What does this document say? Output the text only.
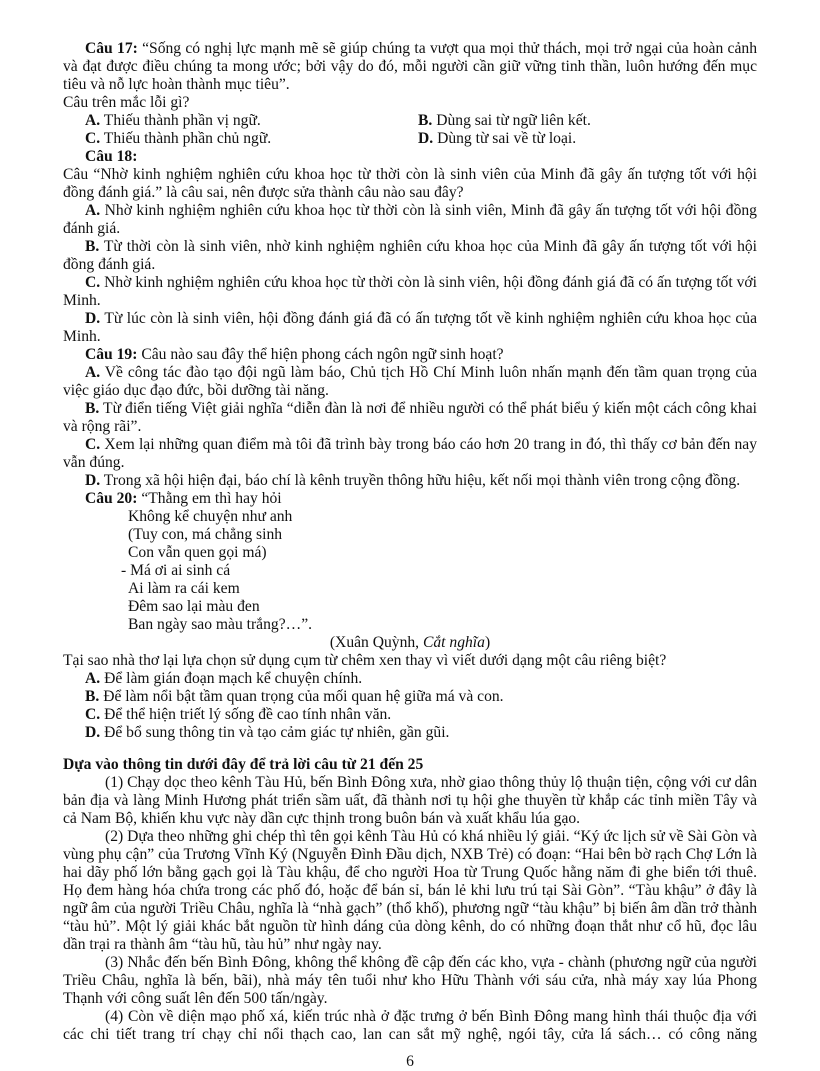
Câu 17: “Sống có nghị lực mạnh mẽ sẽ giúp chúng ta vượt qua mọi thử thách, mọi trở ngại của hoàn cảnh và đạt được điều chúng ta mong ước; bởi vậy do đó, mỗi người cần giữ vững tinh thần, luôn hướng đến mục tiêu và nỗ lực hoàn thành mục tiêu”.

Câu trên mắc lỗi gì?

A. Thiếu thành phần vị ngữ.	B. Dùng sai từ ngữ liên kết.

C. Thiếu thành phần chủ ngữ.	D. Dùng từ sai về từ loại.

Câu 18:

Câu “Nhờ kinh nghiệm nghiên cứu khoa học từ thời còn là sinh viên của Minh đã gây ấn tượng tốt với hội đồng đánh giá.” là câu sai, nên được sửa thành câu nào sau đây?

A. Nhờ kinh nghiệm nghiên cứu khoa học từ thời còn là sinh viên, Minh đã gây ấn tượng tốt với hội đồng đánh giá.

B. Từ thời còn là sinh viên, nhờ kinh nghiệm nghiên cứu khoa học của Minh đã gây ấn tượng tốt với hội đồng đánh giá.

C. Nhờ kinh nghiệm nghiên cứu khoa học từ thời còn là sinh viên, hội đồng đánh giá đã có ấn tượng tốt với Minh.

D. Từ lúc còn là sinh viên, hội đồng đánh giá đã có ấn tượng tốt về kinh nghiệm nghiên cứu khoa học của Minh.

Câu 19: Câu nào sau đây thể hiện phong cách ngôn ngữ sinh hoạt?

A. Về công tác đào tạo đội ngũ làm báo, Chủ tịch Hồ Chí Minh luôn nhấn mạnh đến tầm quan trọng của việc giáo dục đạo đức, bồi dưỡng tài năng.

B. Từ điển tiếng Việt giải nghĩa “diễn đàn là nơi để nhiều người có thể phát biểu ý kiến một cách công khai và rộng rãi”.

C. Xem lại những quan điểm mà tôi đã trình bày trong báo cáo hơn 20 trang in đó, thì thấy cơ bản đến nay vẫn đúng.

D. Trong xã hội hiện đại, báo chí là kênh truyền thông hữu hiệu, kết nối mọi thành viên trong cộng đồng.

Câu 20: “Thằng em thì hay hỏi

Không kể chuyện như anh
(Tuy con, má chẳng sinh
Con vẫn quen gọi má)
- Má ơi ai sinh cá
Ai làm ra cái kem
Đêm sao lại màu đen
Ban ngày sao màu trắng?…”.

(Xuân Quỳnh, Cắt nghĩa)

Tại sao nhà thơ lại lựa chọn sử dụng cụm từ chêm xen thay vì viết dưới dạng một câu riêng biệt?

A. Để làm gián đoạn mạch kể chuyện chính.

B. Để làm nổi bật tầm quan trọng của mối quan hệ giữa má và con.

C. Để thể hiện triết lý sống đề cao tính nhân văn.

D. Để bổ sung thông tin và tạo cảm giác tự nhiên, gần gũi.

Dựa vào thông tin dưới đây để trả lời câu từ 21 đến 25

(1) Chạy dọc theo kênh Tàu Hủ, bến Bình Đông xưa, nhờ giao thông thủy lộ thuận tiện, cộng với cư dân bản địa và làng Minh Hương phát triển sầm uất, đã thành nơi tụ hội ghe thuyền từ khắp các tỉnh miền Tây và cả Nam Bộ, khiến khu vực này dần cực thịnh trong buôn bán và xuất khẩu lúa gạo.

(2) Dựa theo những ghi chép thì tên gọi kênh Tàu Hủ có khá nhiều lý giải. “Ký ức lịch sử về Sài Gòn và vùng phụ cận” của Trương Vĩnh Ký (Nguyễn Đình Đầu dịch, NXB Trẻ) có đoạn: “Hai bên bờ rạch Chợ Lớn là hai dãy phố lớn bằng gạch gọi là Tàu khậu, để cho người Hoa từ Trung Quốc hằng năm đi ghe biển tới thuê. Họ đem hàng hóa chứa trong các phố đó, hoặc để bán sỉ, bán lẻ khi lưu trú tại Sài Gòn”. “Tàu khậu” ở đây là ngữ âm của người Triều Châu, nghĩa là “nhà gạch” (thổ khố), phương ngữ “tàu khậu” bị biến âm dần trở thành “tàu hủ”. Một lý giải khác bắt nguồn từ hình dáng của dòng kênh, do có những đoạn thắt như cổ hũ, đọc lâu dần trại ra thành âm “tàu hũ, tàu hủ” như ngày nay.

(3) Nhắc đến bến Bình Đông, không thể không đề cập đến các kho, vựa - chành (phương ngữ của người Triều Châu, nghĩa là bến, bãi), nhà máy tên tuổi như kho Hữu Thành với sáu cửa, nhà máy xay lúa Phong Thạnh với công suất lên đến 500 tấn/ngày.

(4) Còn về diện mạo phố xá, kiến trúc nhà ở đặc trưng ở bến Bình Đông mang hình thái thuộc địa với các chi tiết trang trí chạy chỉ nổi thạch cao, lan can sắt mỹ nghệ, ngói tây, cửa lá sách… có công năng

6
